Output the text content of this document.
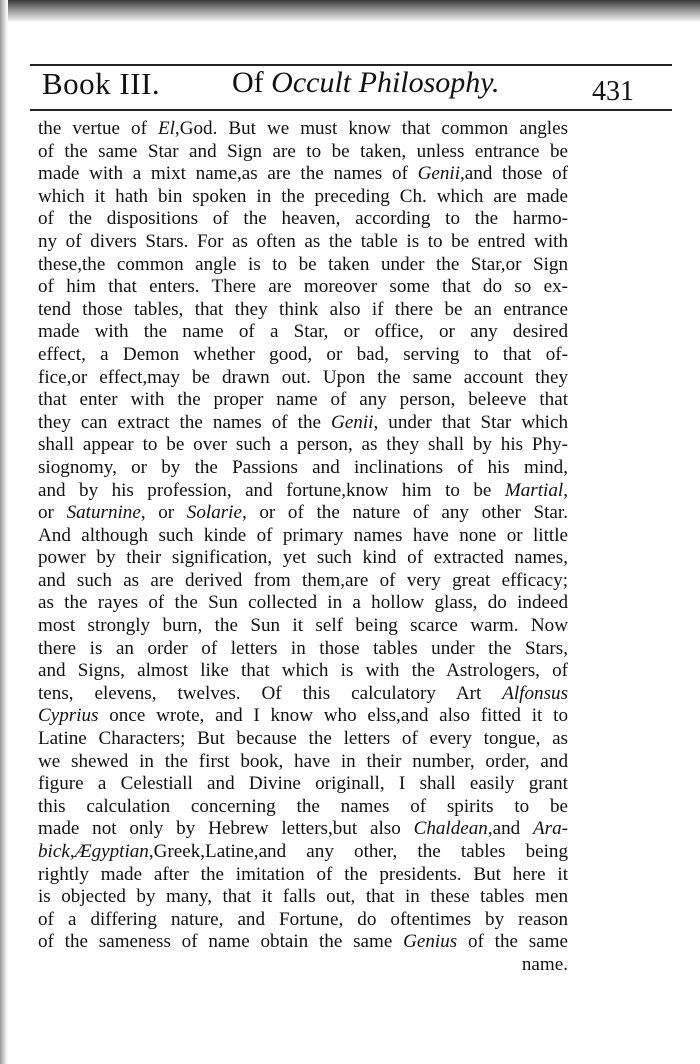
Book III. Of Occult Philosophy.	431
the vertue of El,God. But we must know that common angles
of the same Star and Sign are to be taken, unless entrance be
made with a mixt name,as are the names of Genii,and those of
which it hath bin spoken in the preceding Ch. which are made
of the dispositions of the heaven, according to the harmo-
ny of divers Stars. For as often as the table is to be entred with
these,the common angle is to be taken under the Star,or Sign
of him that enters. There are moreover some that do so ex-
tend those tables, that they think also if there be an entrance
made with the name of a Star, or office, or any desired
effect, a Demon whether good, or bad, serving to that of-
fice,or effect,may be drawn out. Upon the same account they
that enter with the proper name of any person, beleeve that
they can extract the names of the Genii, under that Star which
shall appear to be over such a person, as they shall by his Phy-
siognomy, or by the Passions and inclinations of his mind,
and by his profession, and fortune,know him to be Martial,
or Saturnine, or Solarie, or of the nature of any other Star.
And although such kinde of primary names have none or little
power by their signification, yet such kind of extracted names,
and such as are derived from them,are of very great efficacy;
as the rayes of the Sun collected in a hollow glass, do indeed
most strongly burn, the Sun it self being scarce warm. Now
there is an order of letters in those tables under the Stars,
and Signs, almost like that which is with the Astrologers, of
tens, elevens, twelves. Of this calculatory Art Alfonsus
Cyprius once wrote, and I know who elss,and also fitted it to
Latine Characters; But because the letters of every tongue, as
we shewed in the first book, have in their number, order, and
figure a Celestiall and Divine originall, I shall easily grant
this calculation concerning the names of spirits to be
made not only by Hebrew letters,but also Chaldean,and Ara-
bick,Ægyptian,Greek,Latine,and any other, the tables being
rightly made after the imitation of the presidents. But here it
is objected by many, that it falls out, that in these tables men
of a differing nature, and Fortune, do oftentimes by reason
of the sameness of name obtain the same Genius of the same
name.
